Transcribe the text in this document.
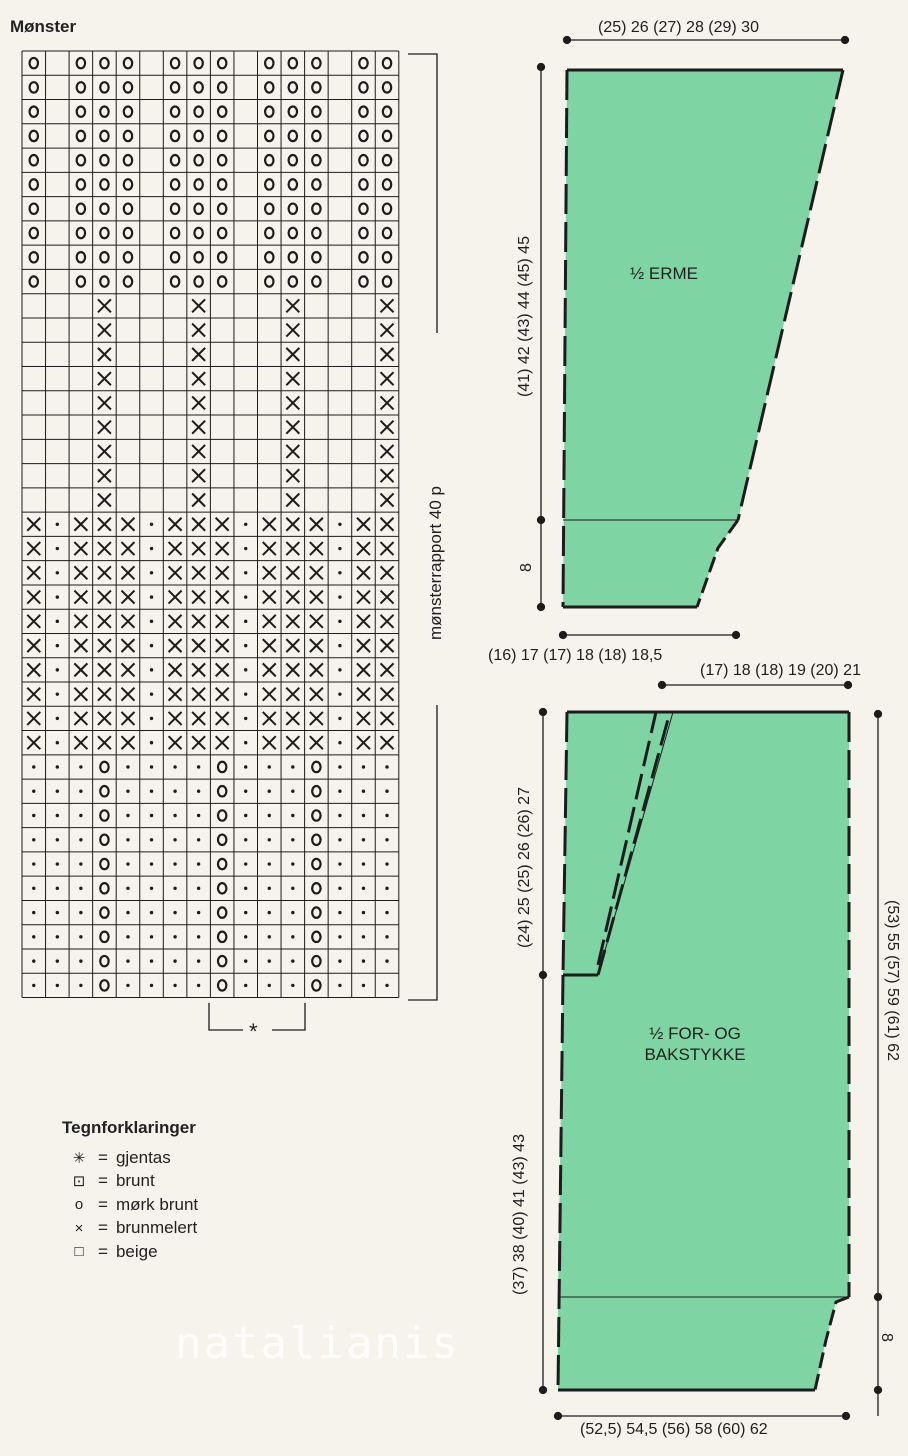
Mønster
mønsterrapport 40 p
*
(25) 26 (27) 28 (29) 30
(41) 42 (43) 44 (45) 45
8
(16) 17 (17) 18 (18) 18,5
½ ERME
(17) 18 (18) 19 (20) 21
(24) 25 (25) 26 (26) 27
(37) 38 (40) 41 (43) 43
(53) 55 (57) 59 (61) 62
8
(52,5) 54,5 (56) 58 (60) 62
½ FOR- OG
BAKSTYKKE
Tegnforklaringer
✳ = gjentas
⊡ = brunt
o = mørk brunt
× = brunmelert
□ = beige
natalianis
